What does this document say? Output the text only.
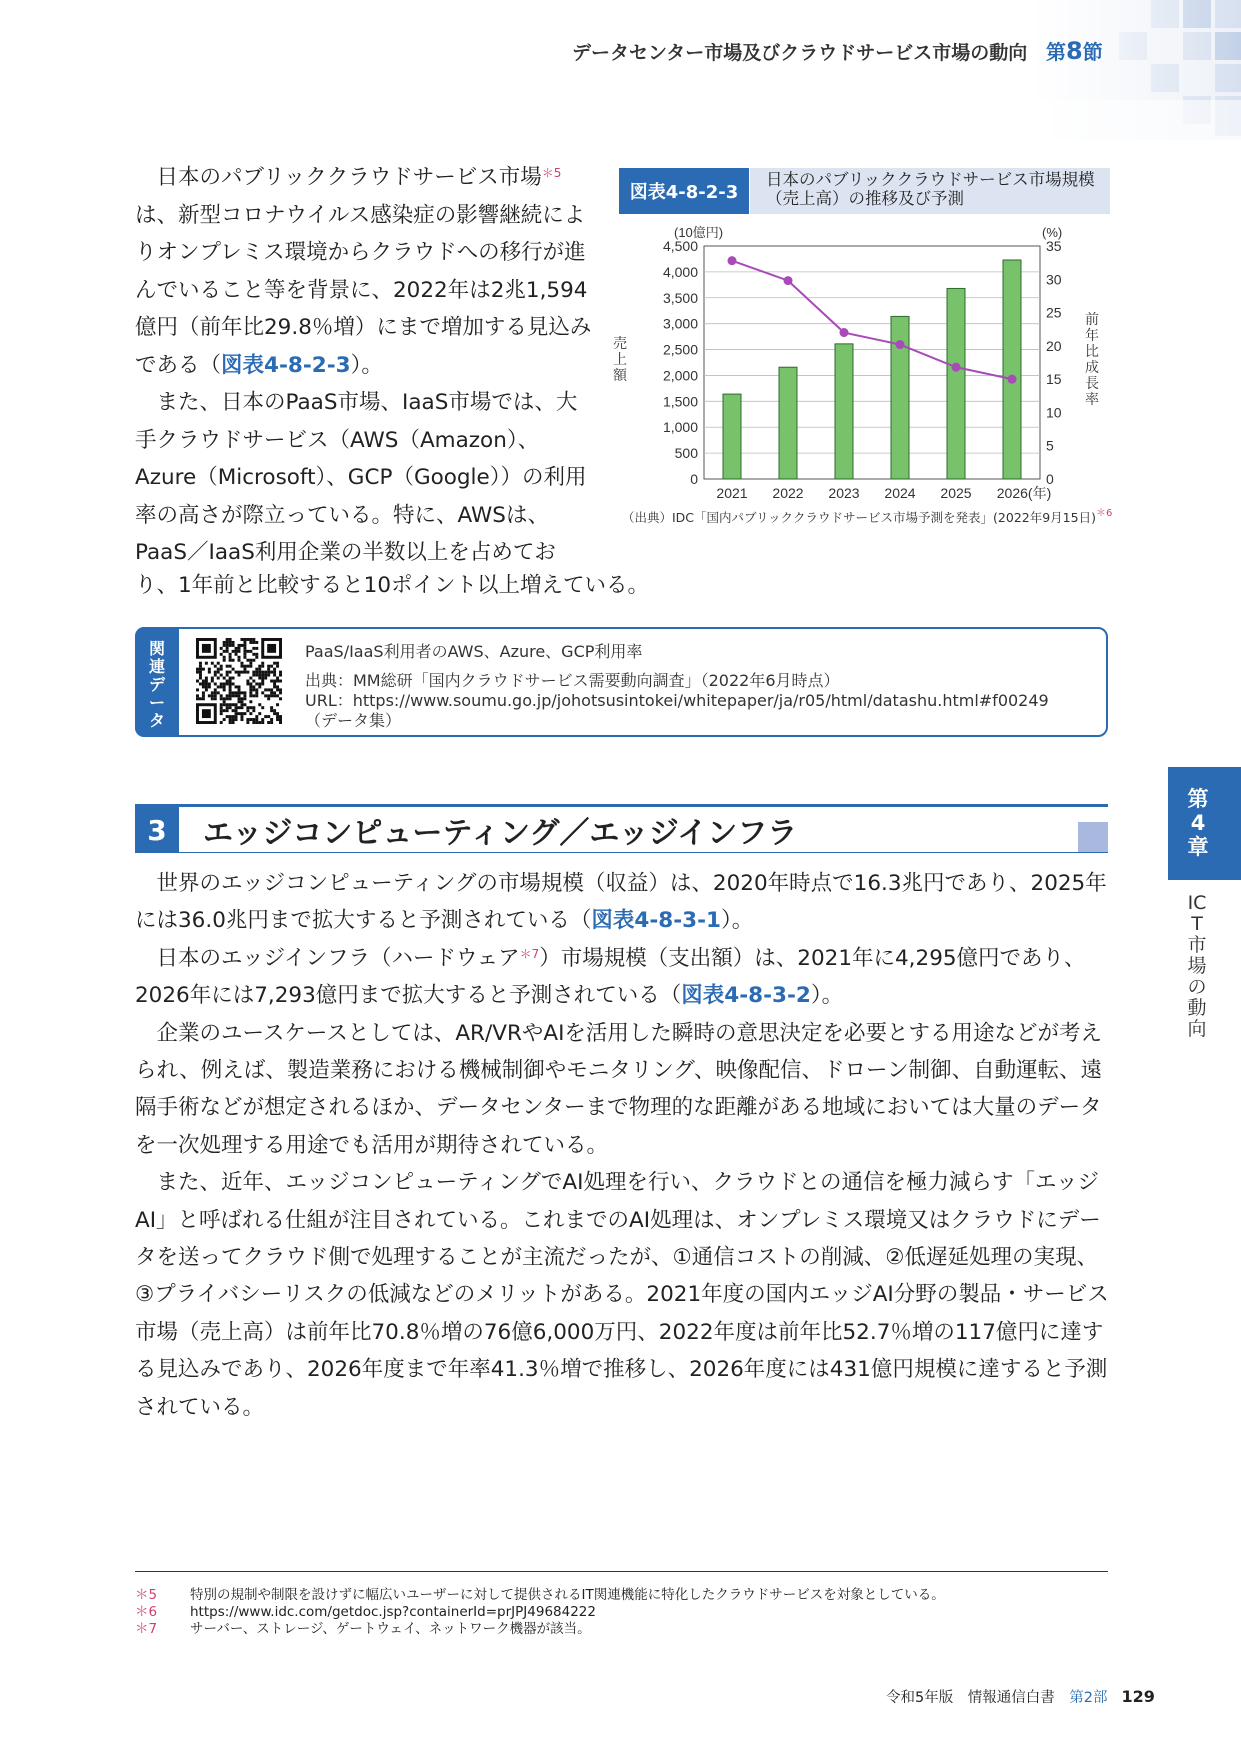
データセンター市場及びクラウドサービス市場の動向 第8節

日本のパブリッククラウドサービス市場$^{*5}$は、新型コロナウイルス感染症の影響継続によりオンプレミス環境からクラウドへの移行が進んでいること等を背景に、2022年は2兆1,594億円（前年比29.8％増）にまで増加する見込みである（図表4-8-2-3）。

また、日本のPaaS市場、IaaS市場では、大手クラウドサービス（AWS（Amazon）、Azure（Microsoft）、GCP（Google））の利用率の高さが際立っている。特に、AWSは、PaaS／IaaS利用企業の半数以上を占めてお

り、1年前と比較すると10ポイント以上増えている。
図表4-8-2-3
日本のパブリッククラウドサービス市場規模（売上高）の推移及び予測
0
500
1,000
1,500
2,000
2,500
3,000
3,500
4,000
4,500
0
5
10
15
20
25
30
35
(10億円)	(%)
売
上
額
前
年
比
成
長
率
2021 2022 2023 2024 2025 2026(年)
（出典）IDC「国内パブリッククラウドサービス市場予測を発表」(2022年9月15日)$^{*6}$
関連データ
PaaS/IaaS利用者のAWS、Azure、GCP利用率
出典：MM総研「国内クラウドサービス需要動向調査」（2022年6月時点）
URL：https://www.soumu.go.jp/johotsusintokei/whitepaper/ja/r05/html/datashu.html#f00249
（データ集）
第4章
ICT市場の動向
3	エッジコンピューティング／エッジインフラ

世界のエッジコンピューティングの市場規模（収益）は、2020年時点で16.3兆円であり、2025年には36.0兆円まで拡大すると予測されている（図表4-8-3-1）。

日本のエッジインフラ（ハードウェア$^{*7}$）市場規模（支出額）は、2021年に4,295億円であり、2026年には7,293億円まで拡大すると予測されている（図表4-8-3-2）。

企業のユースケースとしては、AR/VRやAIを活用した瞬時の意思決定を必要とする用途などが考えられ、例えば、製造業務における機械制御やモニタリング、映像配信、ドローン制御、自動運転、遠隔手術などが想定されるほか、データセンターまで物理的な距離がある地域においては大量のデータを一次処理する用途でも活用が期待されている。

また、近年、エッジコンピューティングでAI処理を行い、クラウドとの通信を極力減らす「エッジAI」と呼ばれる仕組が注目されている。これまでのAI処理は、オンプレミス環境又はクラウドにデータを送ってクラウド側で処理することが主流だったが、①通信コストの削減、②低遅延処理の実現、③プライバシーリスクの低減などのメリットがある。2021年度の国内エッジAI分野の製品・サービス市場（売上高）は前年比70.8％増の76億6,000万円、2022年度は前年比52.7％増の117億円に達する見込みであり、2026年度まで年率41.3％増で推移し、2026年度には431億円規模に達すると予測されている。

＊5 特別の規制や制限を設けずに幅広いユーザーに対して提供されるIT関連機能に特化したクラウドサービスを対象としている。
＊6 https://www.idc.com/getdoc.jsp?containerId=prJPJ49684222
＊7 サーバー、ストレージ、ゲートウェイ、ネットワーク機器が該当。
令和5年版　情報通信白書　 第2部 129
